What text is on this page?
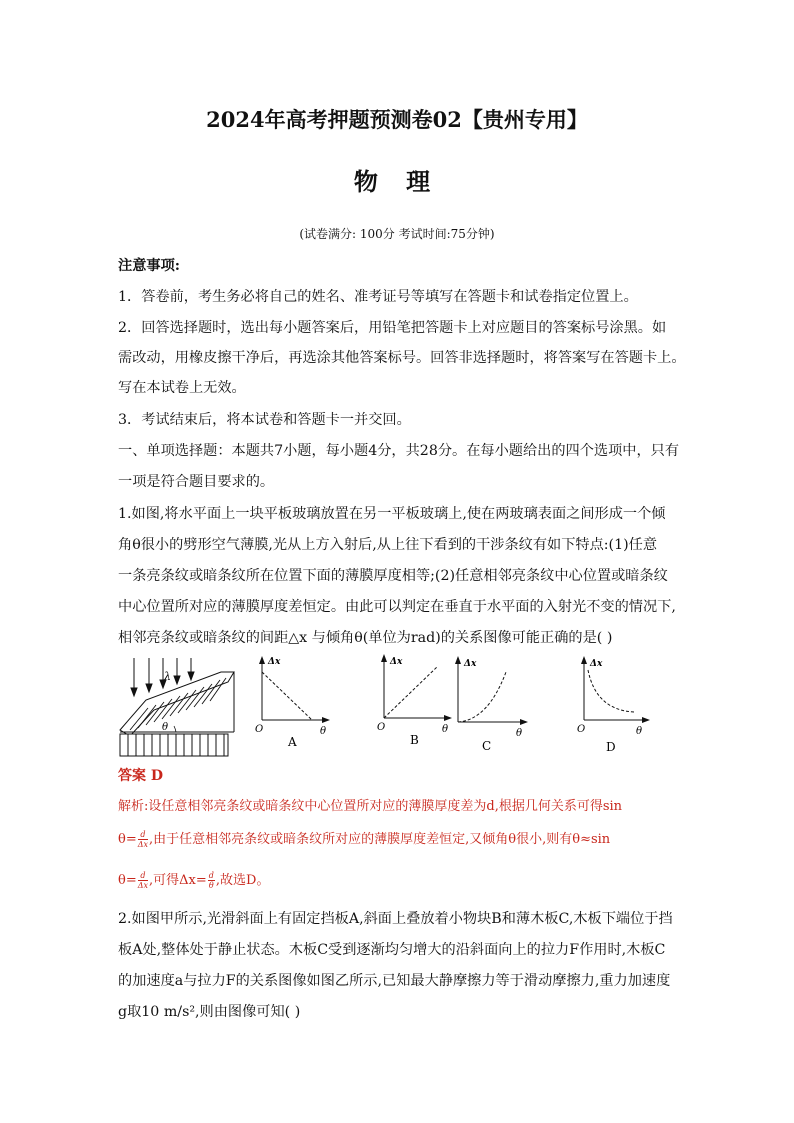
2024年高考押题预测卷02【贵州专用】
物 理
(试卷满分: 100分 考试时间:75分钟)
注意事项:
1．答卷前，考生务必将自己的姓名、准考证号等填写在答题卡和试卷指定位置上。
2．回答选择题时，选出每小题答案后，用铅笔把答题卡上对应题目的答案标号涂黑。如
需改动，用橡皮擦干净后，再选涂其他答案标号。回答非选择题时，将答案写在答题卡上。
写在本试卷上无效。
3．考试结束后，将本试卷和答题卡一并交回。
一、单项选择题：本题共7小题，每小题4分，共28分。在每小题给出的四个选项中，只有
一项是符合题目要求的。
1.如图,将水平面上一块平板玻璃放置在另一平板玻璃上,使在两玻璃表面之间形成一个倾
角θ很小的劈形空气薄膜,光从上方入射后,从上往下看到的干涉条纹有如下特点:(1)任意
一条亮条纹或暗条纹所在位置下面的薄膜厚度相等;(2)任意相邻亮条纹中心位置或暗条纹
中心位置所对应的薄膜厚度差恒定。由此可以判定在垂直于水平面的入射光不变的情况下,
相邻亮条纹或暗条纹的间距△x 与倾角θ(单位为rad)的关系图像可能正确的是( )
λ
θ
Δx
O	θ
A
Δx
O	θ
B
Δx
θ
C
Δx
O	θ
D
答案 D
解析:设任意相邻亮条纹或暗条纹中心位置所对应的薄膜厚度差为d,根据几何关系可得sin
$\theta= \frac{d}{\Delta x}$ ,由于任意相邻亮条纹或暗条纹所对应的薄膜厚度差恒定,又倾角θ很小,则有θ≈sin
$\theta= \frac{d}{\Delta x}$ ,可得$\Delta x= \frac{d}{\theta}$ ,故选D。
2.如图甲所示,光滑斜面上有固定挡板A,斜面上叠放着小物块B和薄木板C,木板下端位于挡
板A处,整体处于静止状态。木板C受到逐渐均匀增大的沿斜面向上的拉力F作用时,木板C
的加速度a与拉力F的关系图像如图乙所示,已知最大静摩擦力等于滑动摩擦力,重力加速度
g取10 m/s²,则由图像可知( )
